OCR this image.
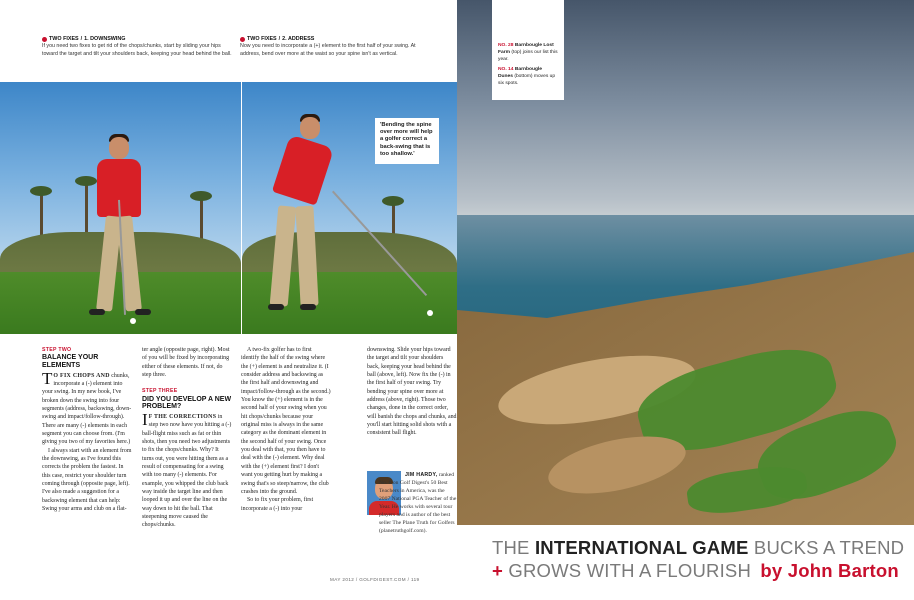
TWO FIXES / 1. DOWNSWING
If you need two fixes to get rid of the chops/chunks, start by sliding your hips toward the target and tilt your shoulders back, keeping your head behind the ball.
TWO FIXES / 2. ADDRESS
Now you need to incorporate a (+) element to the first half of your swing. At address, bend over more at the waist so your spine isn't as vertical.
'Bending the spine over more will help a golfer correct a back-swing that is too shallow.'
STEP TWO
BALANCE YOUR ELEMENTS

T O FIX CHOPS AND chunks, incorporate a (-) element into your swing. In my new book, I've broken down the swing into four segments (address, backswing, down-swing and impact/follow-through). There are many (-) elements in each segment you can choose from. (I'm giving you two of my favorites here.)

I always start with an element from the downswing, as I've found this corrects the problem the fastest. In this case, restrict your shoulder turn coming through (opposite page, left). I've also made a suggestion for a backswing element that can help: Swing your arms and club on a flat-

ter angle (opposite page, right). Most of you will be fixed by incorporating either of these elements. If not, do step three.

STEP THREE
DID YOU DEVELOP A NEW PROBLEM?

I F THE CORRECTIONS in step two now have you hitting a (-) ball-flight miss such as fat or thin shots, then you need two adjustments to fix the chops/chunks. Why? It turns out, you were hitting them as a result of compensating for a swing with too many (-) elements. For example, you whipped the club back way inside the target line and then looped it up and over the line on the way down to hit the ball. That steepening move caused the chops/chunks.

A two-fix golfer has to first identify the half of the swing where the (+) element is and neutralize it. (I consider address and backswing as the first half and downswing and impact/follow-through as the second.) You know the (+) element is in the second half of your swing when you hit chops/chunks because your original miss is always in the same category as the dominant element in the second half of your swing. Once you deal with that, you then have to deal with the (-) element. Why deal with the (+) element first? I don't want you getting hurt by making a swing that's so steep/narrow, the club crashes into the ground.

So to fix your problem, first incorporate a (-) into your

downswing. Slide your hips toward the target and tilt your shoulders back, keeping your head behind the ball (above, left). Now fix the (-) in the first half of your swing. Try bending your spine over more at address (above, right). Those two changes, done in the correct order, will banish the chops and chunks, and you'll start hitting solid shots with a consistent ball flight.

JIM HARDY, ranked No. 8 on Golf Digest's 50 Best Teachers in America, was the 2007 National PGA Teacher of the Year. He works with several tour players and is author of the best seller The Plane Truth for Golfers (planetruthgolf.com).
MAY 2012 / GOLFDIGEST.COM / 119
NO. 28 Barnbougle Lost Farm (top) joins our list this year.
NO. 14 Barnbougle Dunes (bottom) moves up six spots.
THE INTERNATIONAL GAME BUCKS A TREND
+ GROWS WITH A FLOURISH by John Barton
